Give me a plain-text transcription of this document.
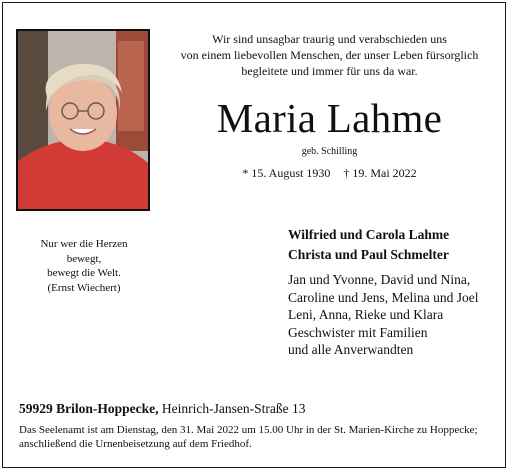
Wir sind unsagbar traurig und verabschieden uns
von einem liebevollen Menschen, der unser Leben fürsorglich
begleitete und immer für uns da war.
Maria Lahme
geb. Schilling
* 15. August 1930 † 19. Mai 2022
Nur wer die Herzen
bewegt,
bewegt die Welt.
(Ernst Wiechert)
Wilfried und Carola Lahme
Christa und Paul Schmelter
Jan und Yvonne, David und Nina,
Caroline und Jens, Melina und Joel
Leni, Anna, Rieke und Klara
Geschwister mit Familien
und alle Anverwandten
59929 Brilon-Hoppecke, Heinrich-Jansen-Straße 13
Das Seelenamt ist am Dienstag, den 31. Mai 2022 um 15.00 Uhr in der St. Marien-Kirche zu Hoppecke; anschließend die Urnenbeisetzung auf dem Friedhof.
